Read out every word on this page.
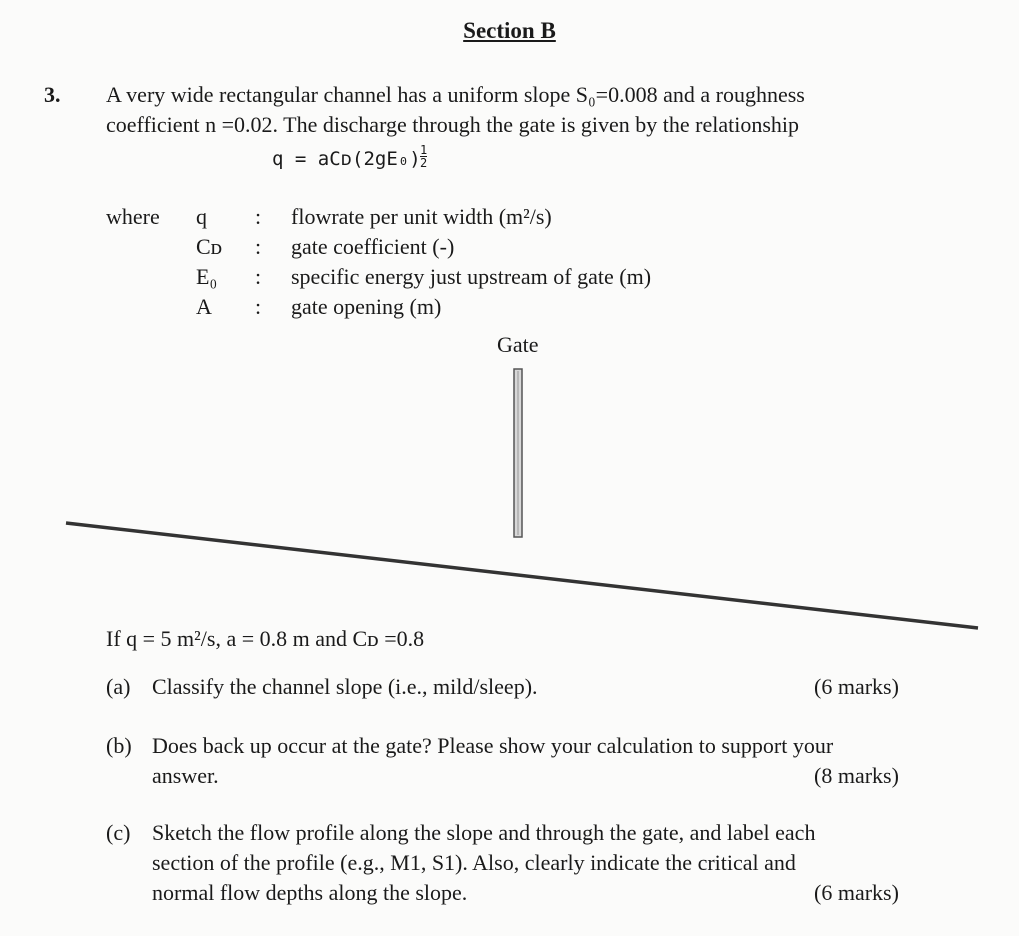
Section B
3. A very wide rectangular channel has a uniform slope S₀=0.008 and a roughness
coefficient n =0.02. The discharge through the gate is given by the relationship
q = aCᴅ(2gE₀) $\frac{1}{2}$
where q : flowrate per unit width (m²/s)
Cᴅ : gate coefficient (-)
E₀ : specific energy just upstream of gate (m)
A : gate opening (m)
Gate
If q = 5 m²/s, a = 0.8 m and Cᴅ =0.8
(a) Classify the channel slope (i.e., mild/sleep).	(6 marks)
(b) Does back up occur at the gate? Please show your calculation to support your
answer.	(8 marks)
(c) Sketch the flow profile along the slope and through the gate, and label each
section of the profile (e.g., M1, S1). Also, clearly indicate the critical and
normal flow depths along the slope.	(6 marks)
